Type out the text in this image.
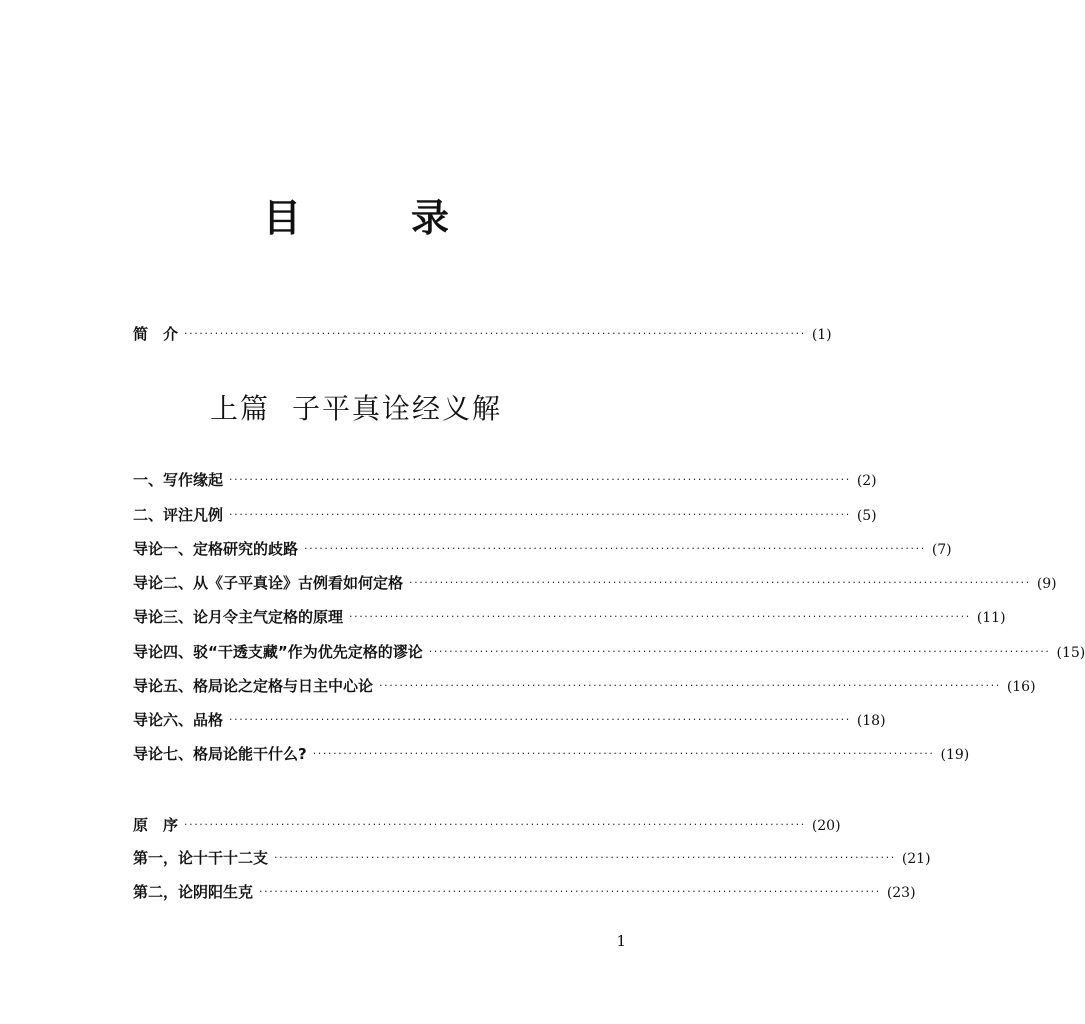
目　录
简　介 ·························································································································· (1)
上篇 子平真诠经义解
一、写作缘起 ·························································································································· (2)
二、评注凡例 ·························································································································· (5)
导论一、定格研究的歧路 ·························································································································· (7)
导论二、从《子平真诠》古例看如何定格 ·························································································································· (9)
导论三、论月令主气定格的原理 ·························································································································· (11)
导论四、驳“干透支藏”作为优先定格的谬论 ·························································································································· (15)
导论五、格局论之定格与日主中心论 ·························································································································· (16)
导论六、品格 ·························································································································· (18)
导论七、格局论能干什么? ·························································································································· (19)
原　序 ·························································································································· (20)
第一，论十干十二支 ·························································································································· (21)
第二，论阴阳生克 ·························································································································· (23)
1
